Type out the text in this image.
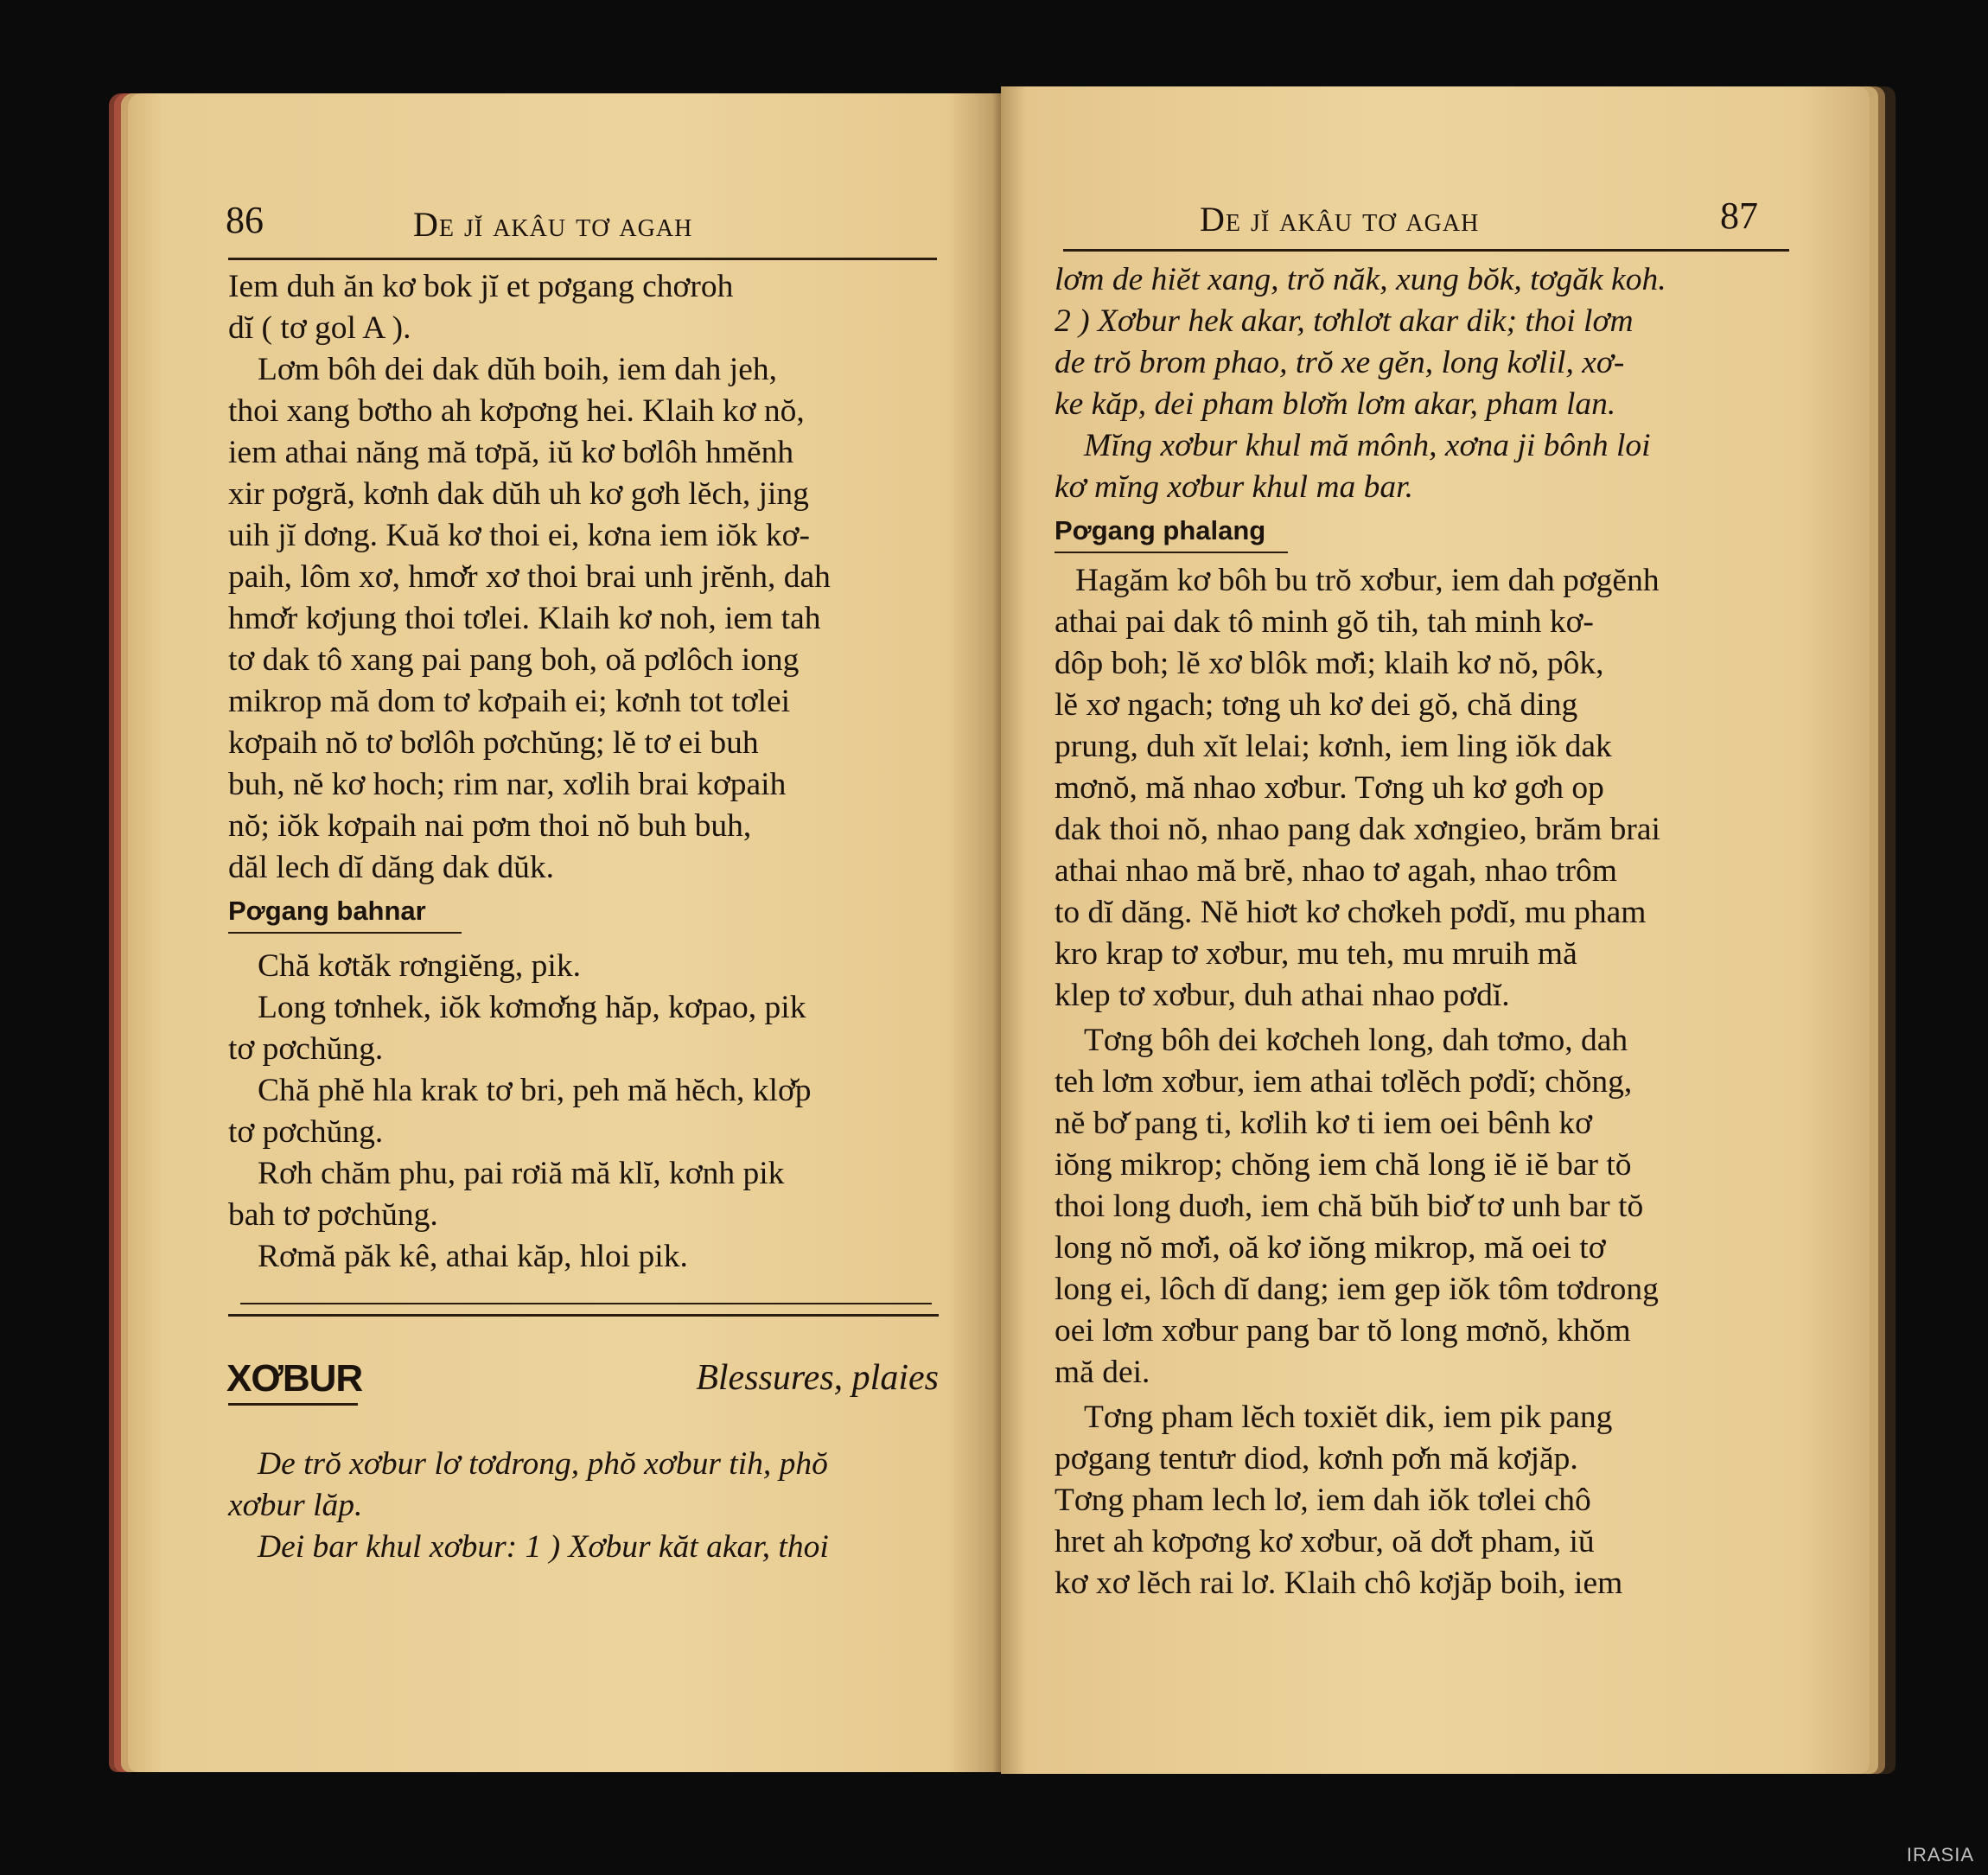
86	De jĭ akâu tơ agah
Iem duh ăn kơ bok jĭ et pơgang chơroh
dĭ ( tơ gol A ).
Lơm bôh dei dak dŭh boih, iem dah jeh,
thoi xang bơtho ah kơpơng hei. Klaih kơ nŏ,
iem athai năng mă tơpă, iŭ kơ bơlôh hmĕnh
xir pơgră, kơnh dak dŭh uh kơ gơh lĕch, jing
uih jĭ dơng. Kuă kơ thoi ei, kơna iem iŏk kơ-
paih, lôm xơ, hmơ̆r xơ thoi brai unh jrĕnh, dah
hmơ̆r kơjung thoi tơlei. Klaih kơ noh, iem tah
tơ dak tô xang pai pang boh, oă pơlôch iong
mikrop mă dom tơ kơpaih ei; kơnh tot tơlei
kơpaih nŏ tơ bơlôh pơchŭng; lĕ tơ ei buh
buh, nĕ kơ hoch; rim nar, xơlih brai kơpaih
nŏ; iŏk kơpaih nai pơm thoi nŏ buh buh,
dăl lech dĭ dăng dak dŭk.
Pơgang bahnar
Chă kơtăk rơngiĕng, pik.
Long tơnhek, iŏk kơmơ̆ng hăp, kơpao, pik
tơ pơchŭng.
Chă phĕ hla krak tơ bri, peh mă hĕch, klơ̆p
tơ pơchŭng.
Rơh chăm phu, pai rơiă mă klĭ, kơnh pik
bah tơ pơchŭng.
Rơmă păk kê, athai kăp, hloi pik.
XƠBUR	Blessures, plaies
De trŏ xơbur lơ tơdrong, phŏ xơbur tih, phŏ
xơbur lăp.
Dei bar khul xơbur: 1 ) Xơbur kăt akar, thoi
De jĭ akâu tơ agah	87
lơm de hiĕt xang, trŏ năk, xung bŏk, tơgăk koh.
2 ) Xơbur hek akar, tơhlơt akar dik; thoi lơm
de trŏ brom phao, trŏ xe gĕn, long kơlil, xơ-
ke kăp, dei pham blơ̆m lơm akar, pham lan.
Mĭng xơbur khul mă mônh, xơna ji bônh loi
kơ mĭng xơbur khul ma bar.
Pơgang phalang
Hagăm kơ bôh bu trŏ xơbur, iem dah pơgĕnh
athai pai dak tô minh gŏ tih, tah minh kơ-
dôp boh; lĕ xơ blôk mơ̆i; klaih kơ nŏ, pôk,
lĕ xơ ngach; tơng uh kơ dei gŏ, chă ding
prung, duh xĭt lelai; kơnh, iem ling iŏk dak
mơnŏ, mă nhao xơbur. Tơng uh kơ gơh op
dak thoi nŏ, nhao pang dak xơngieo, brăm brai
athai nhao mă brĕ, nhao tơ agah, nhao trôm
to dĭ dăng. Nĕ hiơt kơ chơkeh pơdĭ, mu pham
kro krap tơ xơbur, mu teh, mu mruih mă
klep tơ xơbur, duh athai nhao pơdĭ.
Tơng bôh dei kơcheh long, dah tơmo, dah
teh lơm xơbur, iem athai tơlĕch pơdĭ; chŏng,
nĕ bơ̆ pang ti, kơlih kơ ti iem oei bênh kơ
iŏng mikrop; chŏng iem chă long iĕ iĕ bar tŏ
thoi long duơh, iem chă bŭh biơ̆ tơ unh bar tŏ
long nŏ mơ̆i, oă kơ iŏng mikrop, mă oei tơ
long ei, lôch dĭ dang; iem gep iŏk tôm tơdrong
oei lơm xơbur pang bar tŏ long mơnŏ, khŏm
mă dei.
Tơng pham lĕch toxiĕt dik, iem pik pang
pơgang tentưr diod, kơnh pơ̆n mă kơjăp.
Tơng pham lech lơ, iem dah iŏk tơlei chô
hret ah kơpơng kơ xơbur, oă dơ̆t pham, iŭ
kơ xơ lĕch rai lơ. Klaih chô kơjăp boih, iem
IRASIA
